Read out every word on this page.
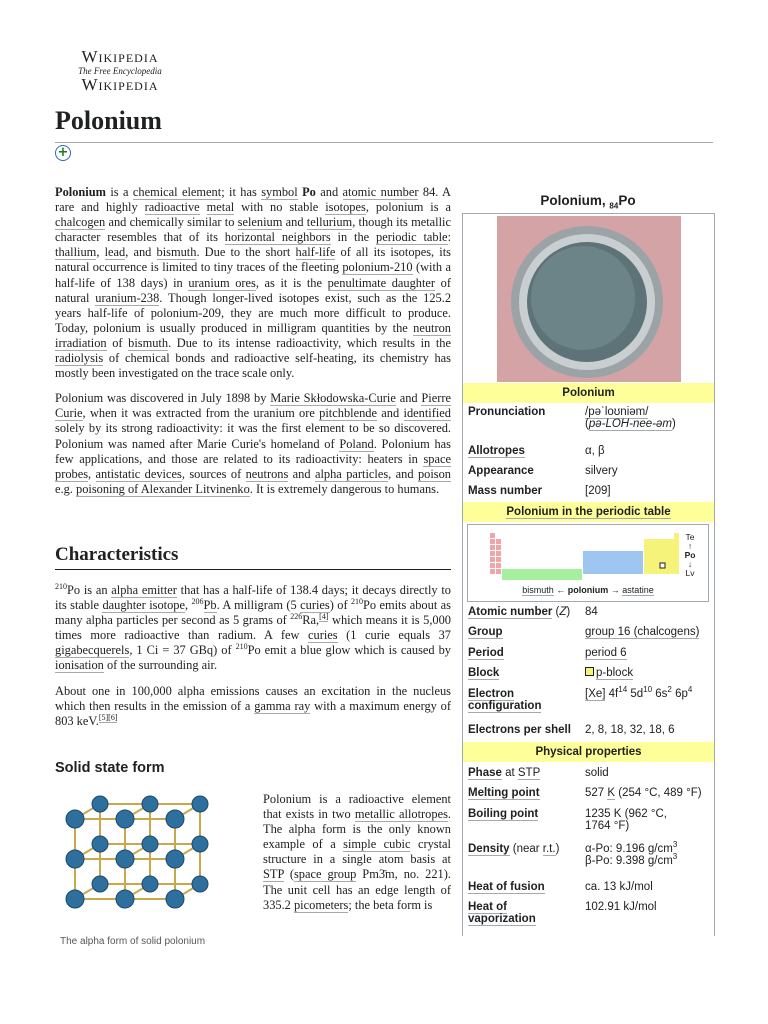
Wikipedia
The Free Encyclopedia
Wikipedia
Polonium
+

Polonium is a chemical element; it has symbol Po and atomic number 84. A rare and highly radioactive metal with no stable isotopes, polonium is a chalcogen and chemically similar to selenium and tellurium, though its metallic character resembles that of its horizontal neighbors in the periodic table: thallium, lead, and bismuth. Due to the short half-life of all its isotopes, its natural occurrence is limited to tiny traces of the fleeting polonium-210 (with a half-life of 138 days) in uranium ores, as it is the penultimate daughter of natural uranium-238. Though longer-lived isotopes exist, such as the 125.2 years half-life of polonium-209, they are much more difficult to produce. Today, polonium is usually produced in milligram quantities by the neutron irradiation of bismuth. Due to its intense radioactivity, which results in the radiolysis of chemical bonds and radioactive self-heating, its chemistry has mostly been investigated on the trace scale only.

Polonium was discovered in July 1898 by Marie Skłodowska-Curie and Pierre Curie, when it was extracted from the uranium ore pitchblende and identified solely by its strong radioactivity: it was the first element to be so discovered. Polonium was named after Marie Curie's homeland of Poland. Polonium has few applications, and those are related to its radioactivity: heaters in space probes, antistatic devices, sources of neutrons and alpha particles, and poison e.g. poisoning of Alexander Litvinenko. It is extremely dangerous to humans.

Characteristics

$^{210}$Po is an alpha emitter that has a half-life of 138.4 days; it decays directly to its stable daughter isotope, $^{206}$Pb. A milligram (5 curies) of $^{210}$Po emits about as many alpha particles per second as 5 grams of $^{226}$Ra,[4] which means it is 5,000 times more radioactive than radium. A few curies (1 curie equals 37 gigabecquerels, 1 Ci = 37 GBq) of $^{210}$Po emit a blue glow which is caused by ionisation of the surrounding air.

About one in 100,000 alpha emissions causes an excitation in the nucleus which then results in the emission of a gamma ray with a maximum energy of 803 keV.[5][6]

Solid state form
The alpha form of solid polonium
Polonium is a radioactive element that exists in two metallic allotropes. The alpha form is the only known example of a simple cubic crystal structure in a single atom basis at STP (space group Pm3̄m, no. 221). The unit cell has an edge length of 335.2 picometers; the beta form is
Polonium, $_{84}$Po
Polonium
Pronunciation	/pəˈloʊniəm/
(pə-LOH-nee-əm)
Allotropes	α, β
Appearance	silvery
Mass number	[209]
Polonium in the periodic table
Te
↑
Po
↓
Lv
bismuth ← polonium → astatine
Atomic number (Z) 84
Group	group 16 (chalcogens)
Period	period 6
Block	p-block
Electron
configuration
[Xe] $4f^{14}$ $5d^{10}$ $6s^2$ $6p^4$
Electrons per shell 2, 8, 18, 32, 18, 6
Physical properties
Phase at STP	solid
Melting point	527 K (254 °C, 489 °F)
Boiling point	1235 K (962 °C,
1764 °F)
Density (near r.t.) α-Po: 9.196 $g/cm^3$
β-Po: 9.398 $g/cm^3$
Heat of fusion	ca. 13 kJ/mol
Heat of
vaporization
102.91 kJ/mol
